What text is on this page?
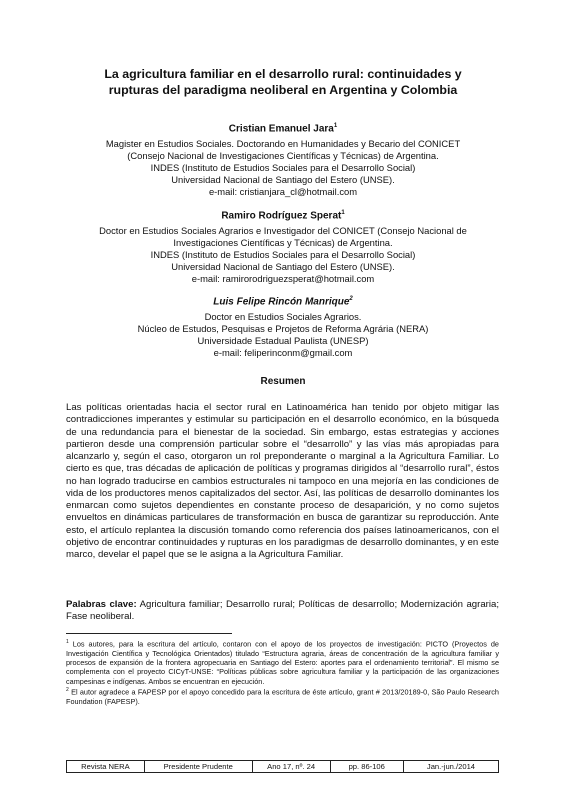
La agricultura familiar en el desarrollo rural: continuidades y
rupturas del paradigma neoliberal en Argentina y Colombia
Cristian Emanuel Jara$^1$
Magister en Estudios Sociales. Doctorando en Humanidades y Becario del CONICET
(Consejo Nacional de Investigaciones Científicas y Técnicas) de Argentina.
INDES (Instituto de Estudios Sociales para el Desarrollo Social)
Universidad Nacional de Santiago del Estero (UNSE).
e-mail: cristianjara_cl@hotmail.com
Ramiro Rodríguez Sperat$^1$
Doctor en Estudios Sociales Agrarios e Investigador del CONICET (Consejo Nacional de
Investigaciones Científicas y Técnicas) de Argentina.
INDES (Instituto de Estudios Sociales para el Desarrollo Social)
Universidad Nacional de Santiago del Estero (UNSE).
e-mail: ramirorodriguezsperat@hotmail.com
Luis Felipe Rincón Manrique$^2$
Doctor en Estudios Sociales Agrarios.
Núcleo de Estudos, Pesquisas e Projetos de Reforma Agrária (NERA)
Universidade Estadual Paulista (UNESP)
e-mail: feliperinconm@gmail.com
Resumen

Las políticas orientadas hacia el sector rural en Latinoamérica han tenido por objeto mitigar las contradicciones imperantes y estimular su participación en el desarrollo económico, en la búsqueda de una redundancia para el bienestar de la sociedad. Sin embargo, estas estrategias y acciones partieron desde una comprensión particular sobre el “desarrollo” y las vías más apropiadas para alcanzarlo y, según el caso, otorgaron un rol preponderante o marginal a la Agricultura Familiar. Lo cierto es que, tras décadas de aplicación de políticas y programas dirigidos al “desarrollo rural”, éstos no han logrado traducirse en cambios estructurales ni tampoco en una mejoría en las condiciones de vida de los productores menos capitalizados del sector. Así, las políticas de desarrollo dominantes los enmarcan como sujetos dependientes en constante proceso de desaparición, y no como sujetos envueltos en dinámicas particulares de transformación en busca de garantizar su reproducción. Ante esto, el artículo replantea la discusión tomando como referencia dos países latinoamericanos, con el objetivo de encontrar continuidades y rupturas en los paradigmas de desarrollo dominantes, y en este marco, develar el papel que se le asigna a la Agricultura Familiar.

Palabras clave: Agricultura familiar; Desarrollo rural; Políticas de desarrollo; Modernización agraria; Fase neoliberal.

$^1$ Los autores, para la escritura del artículo, contaron con el apoyo de los proyectos de investigación: PICTO (Proyectos de Investigación Científica y Tecnológica Orientados) titulado “Estructura agraria, áreas de concentración de la agricultura familiar y procesos de expansión de la frontera agropecuaria en Santiago del Estero: aportes para el ordenamiento territorial”. El mismo se complementa con el proyecto CICyT-UNSE: “Políticas públicas sobre agricultura familiar y la participación de las organizaciones campesinas e indígenas. Ambos se encuentran en ejecución.

$^2$ El autor agradece a FAPESP por el apoyo concedido para la escritura de éste artículo, grant # 2013/20189-0, São Paulo Research Foundation (FAPESP).

Revista NERA	Presidente Prudente	Ano 17, nº. 24	pp. 86-106	Jan.-jun./2014
